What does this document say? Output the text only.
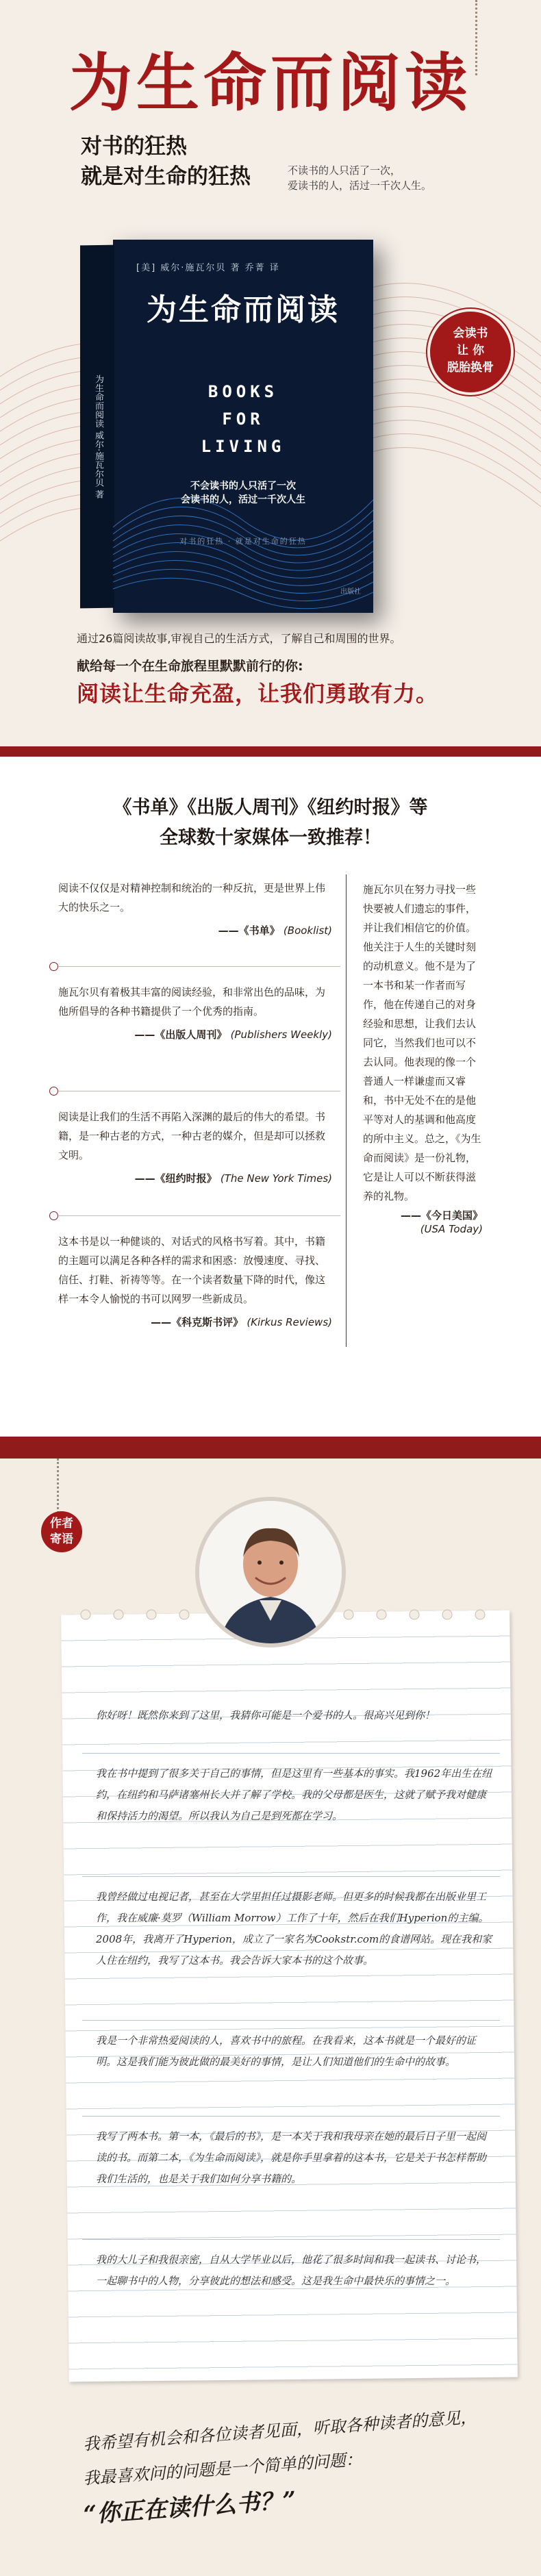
为生命而阅读
对书的狂热
就是对生命的狂热	不读书的人只活了一次，
爱读书的人，活过一千次人生。
为生命而阅读 威尔·施瓦尔贝 著
[美] 威尔·施瓦尔贝 著 乔菁 译
为生命而阅读
BOOKS
FOR
LIVING
不会读书的人只活了一次
会读书的人，活过一千次人生
对书的狂热 · 就是对生命的狂热
出版社
会读书
让 你
脱胎换骨

通过26篇阅读故事,审视自己的生活方式，了解自己和周围的世界。

献给每一个在生命旅程里默默前行的你:

阅读让生命充盈，让我们勇敢有力。

《书单》《出版人周刊》《纽约时报》等
全球数十家媒体一致推荐！
阅读不仅仅是对精神控制和统治的一种反抗，更是世界上伟大的快乐之一。
——《书单》 (Booklist)
施瓦尔贝有着极其丰富的阅读经验，和非常出色的品味，为他所倡导的各种书籍提供了一个优秀的指南。
——《出版人周刊》 (Publishers Weekly)
阅读是让我们的生活不再陷入深渊的最后的伟大的希望。书籍，是一种古老的方式，一种古老的媒介，但是却可以拯救文明。
——《纽约时报》 (The New York Times)
这本书是以一种健谈的、对话式的风格书写着。其中，书籍的主题可以满足各种各样的需求和困惑：放慢速度、寻找、信任、打鞋、祈祷等等。在一个读者数量下降的时代，像这样一本令人愉悦的书可以网罗一些新成员。
——《科克斯书评》 (Kirkus Reviews)
施瓦尔贝在努力寻找一些快要被人们遗忘的事件，并让我们相信它的价值。他关注于人生的关键时刻的动机意义。他不是为了一本书和某一作者而写作，他在传递自己的对身经验和思想，让我们去认同它，当然我们也可以不去认同。他表现的像一个普通人一样谦虚而又睿和，书中无处不在的是他平等对人的基调和他高度的所中主义。总之，《为生命而阅读》是一份礼物，它是让人可以不断获得滋养的礼物。
——《今日美国》
(USA Today)
作者
寄语
你好呀！既然你来到了这里，我猜你可能是一个爱书的人。很高兴见到你！
我在书中提到了很多关于自己的事情，但是这里有一些基本的事实。我1962年出生在纽约，在纽约和马萨诸塞州长大并了解了学校。我的父母都是医生，这就了赋予我对健康和保持活力的渴望。所以我认为自己是到死都在学习。
我曾经做过电视记者，甚至在大学里担任过摄影老师。但更多的时候我都在出版业里工作，我在威廉·莫罗（William Morrow）工作了十年，然后在我们Hyperion的主编。2008年，我离开了Hyperion，成立了一家名为Cookstr.com的食谱网站。现在我和家人住在纽约，我写了这本书。我会告诉大家本书的这个故事。
我是一个非常热爱阅读的人，喜欢书中的旅程。在我看来，这本书就是一个最好的证明。这是我们能为彼此做的最美好的事情，是让人们知道他们的生命中的故事。
我写了两本书。第一本，《最后的书》，是一本关于我和我母亲在她的最后日子里一起阅读的书。而第二本，《为生命而阅读》，就是你手里拿着的这本书，它是关于书怎样帮助我们生活的，也是关于我们如何分享书籍的。
我的大儿子和我很亲密，自从大学毕业以后，他花了很多时间和我一起读书、讨论书，一起聊书中的人物，分享彼此的想法和感受。这是我生命中最快乐的事情之一。
我希望有机会和各位读者见面，听取各种读者的意见，
我最喜欢问的问题是一个简单的问题：
“你正在读什么书？”
